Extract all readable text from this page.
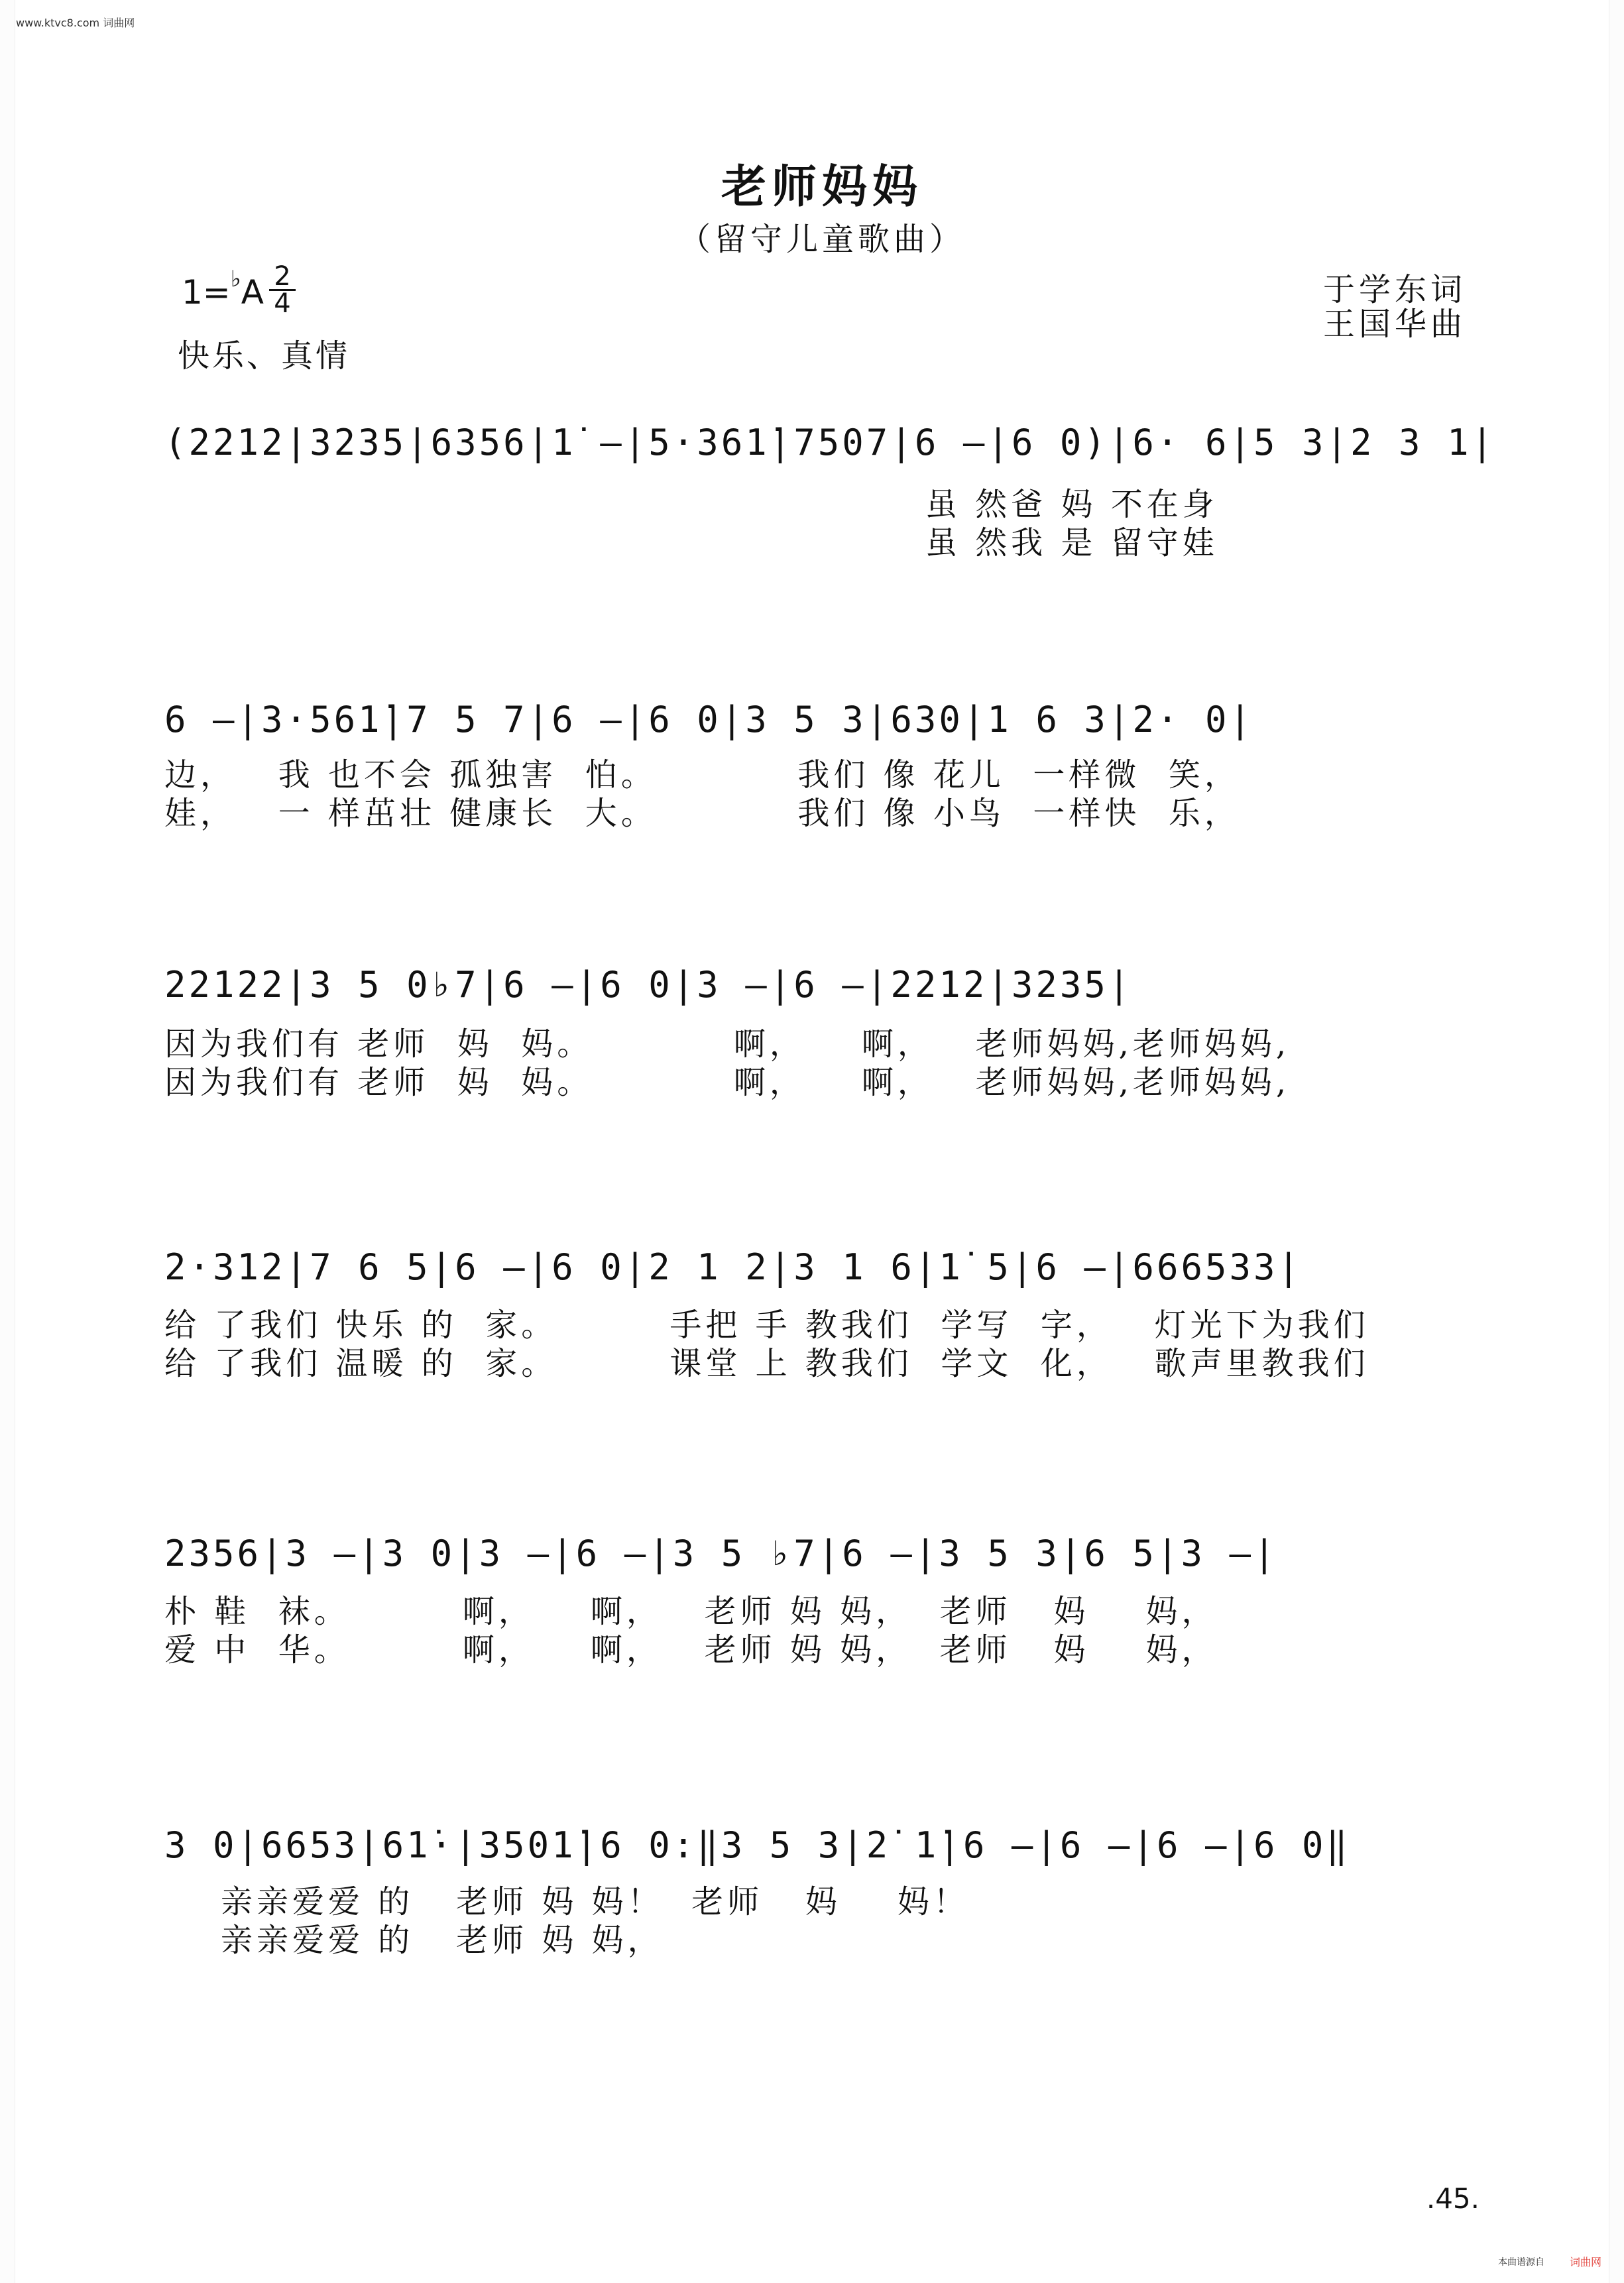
www.ktvc8.com 词曲网
老师妈妈
（留守儿童歌曲）
1=♭A 2
4
快乐、真情
于学东词
王国华曲
(2212|3235|6356|1̇ –|5·361̇|7507|6 –|6 0)|6· 6|5 3|2 3 1|
虽 然爸 妈 不在身
虽 然我 是 留守娃
6 –|3·561̇|7 5 7|6 –|6 0|3 5 3|630|1 6 3|2· 0|
边，   我 也不会 孤独害  怕。          我们 像 花儿  一样微  笑，
娃，   一 样茁壮 健康长  大。          我们 像 小鸟  一样快  乐，
22122|3 5 0♭7|6 –|6 0|3 –|6 –|2212|3235|
因为我们有 老师  妈  妈。          啊，    啊，   老师妈妈,老师妈妈,
因为我们有 老师  妈  妈。          啊，    啊，   老师妈妈,老师妈妈,
2·312|7 6 5|6 –|6 0|2 1 2|3 1 6|1̇ 5|6 –|666533|
给 了我们 快乐 的  家。        手把 手 教我们  学写  字，   灯光下为我们
给 了我们 温暖 的  家。        课堂 上 教我们  学文  化，   歌声里教我们
2356|3 –|3 0|3 –|6 –|3 5 ♭7|6 –|3 5 3|6 5|3 –|
朴 鞋  袜。        啊，    啊，   老师 妈 妈，  老师   妈    妈，
爱 中  华。        啊，    啊，   老师 妈 妈，  老师   妈    妈，
3 0|6653|61̇·|3501̇|6 0:‖3 5 3|2̇ 1̇|6 –|6 –|6 –|6 0‖
亲亲爱爱 的   老师 妈 妈！  老师   妈    妈！
亲亲爱爱 的   老师 妈 妈，
.45.
本曲谱源自 词曲网
